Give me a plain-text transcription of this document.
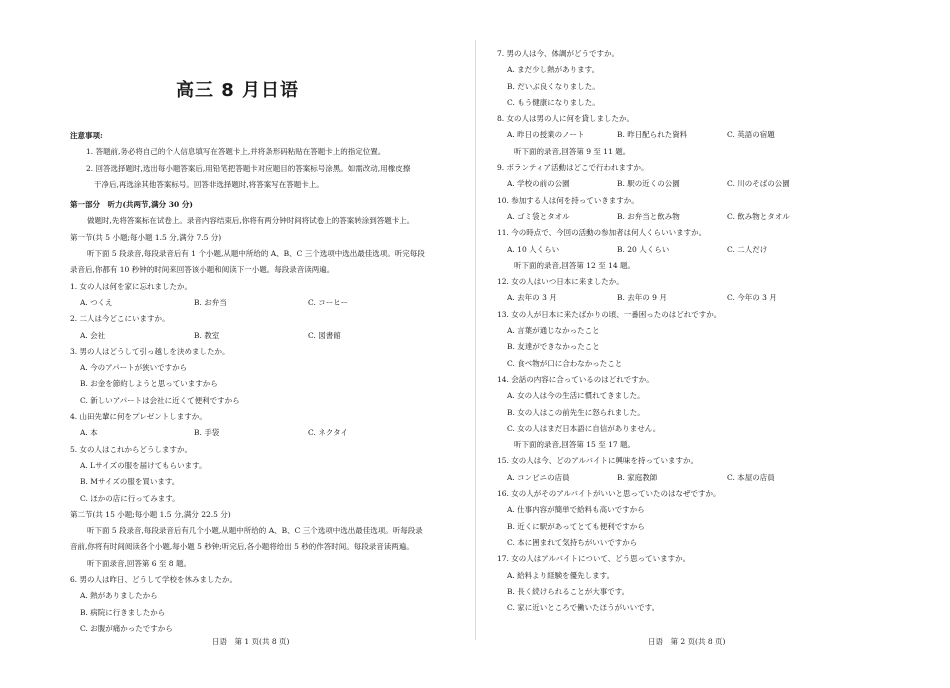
高三 8 月日语
注意事项:
1. 答题前,务必将自己的个人信息填写在答题卡上,并将条形码粘贴在答题卡上的指定位置。
2. 回答选择题时,选出每小题答案后,用铅笔把答题卡对应题目的答案标号涂黑。如需改动,用橡皮擦
干净后,再选涂其他答案标号。回答非选择题时,将答案写在答题卡上。
第一部分　听力(共两节,满分 30 分)
做题时,先将答案标在试卷上。录音内容结束后,你将有两分钟时间将试卷上的答案转涂到答题卡上。
第一节(共 5 小题;每小题 1.5 分,满分 7.5 分)
听下面 5 段录音,每段录音后有 1 个小题,从题中所给的 A、B、C 三个选项中选出最佳选项。听完每段
录音后,你都有 10 秒钟的时间来回答该小题和阅读下一小题。每段录音读两遍。
1. 女の人は何を家に忘れましたか。
A. つくえ	B. お弁当	C. コーヒー
2. 二人は今どこにいますか。
A. 会社	B. 教室	C. 図書館
3. 男の人はどうして引っ越しを決めましたか。
A. 今のアパートが狭いですから
B. お金を節約しようと思っていますから
C. 新しいアパートは会社に近くて便利ですから
4. 山田先輩に何をプレゼントしますか。
A. 本	B. 手袋	C. ネクタイ
5. 女の人はこれからどうしますか。
A. Lサイズの服を届けてもらいます。
B. Mサイズの服を買います。
C. ほかの店に行ってみます。
第二节(共 15 小题;每小题 1.5 分,满分 22.5 分)
听下面 5 段录音,每段录音后有几个小题,从题中所给的 A、B、C 三个选项中选出最佳选项。听每段录
音前,你将有时间阅读各个小题,每小题 5 秒钟;听完后,各小题将给出 5 秒的作答时间。每段录音读两遍。
听下面录音,回答第 6 至 8 题。
6. 男の人は昨日、どうして学校を休みましたか。
A. 熱がありましたから
B. 病院に行きましたから
C. お腹が痛かったですから
日语　第 1 页(共 8 页)
7. 男の人は今、体調がどうですか。
A. まだ少し熱があります。
B. だいぶ良くなりました。
C. もう健康になりました。
8. 女の人は男の人に何を貸しましたか。
A. 昨日の授業のノート	B. 昨日配られた資料	C. 英語の宿題
听下面的录音,回答第 9 至 11 题。
9. ボランティア活動はどこで行われますか。
A. 学校の前の公園	B. 駅の近くの公園	C. 川のそばの公園
10. 参加する人は何を持っていきますか。
A. ゴミ袋とタオル	B. お弁当と飲み物	C. 飲み物とタオル
11. 今の時点で、今回の活動の参加者は何人くらいいますか。
A. 10 人くらい	B. 20 人くらい	C. 二人だけ
听下面的录音,回答第 12 至 14 题。
12. 女の人はいつ日本に来ましたか。
A. 去年の 3 月	B. 去年の 9 月	C. 今年の 3 月
13. 女の人が日本に来たばかりの頃、一番困ったのはどれですか。
A. 言葉が通じなかったこと
B. 友達ができなかったこと
C. 食べ物が口に合わなかったこと
14. 会話の内容に合っているのはどれですか。
A. 女の人は今の生活に慣れてきました。
B. 女の人はこの前先生に怒られました。
C. 女の人はまだ日本語に自信がありません。
听下面的录音,回答第 15 至 17 题。
15. 女の人は今、どのアルバイトに興味を持っていますか。
A. コンビニの店員	B. 家庭教師	C. 本屋の店員
16. 女の人がそのアルバイトがいいと思っていたのはなぜですか。
A. 仕事内容が簡単で給料も高いですから
B. 近くに駅があってとても便利ですから
C. 本に囲まれて気持ちがいいですから
17. 女の人はアルバイトについて、どう思っていますか。
A. 給料より経験を優先します。
B. 長く続けられることが大事です。
C. 家に近いところで働いたほうがいいです。
日语　第 2 页(共 8 页)
